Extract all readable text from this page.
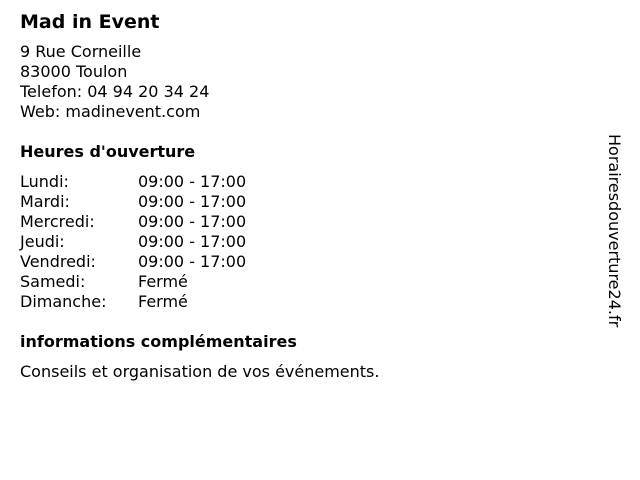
Mad in Event
9 Rue Corneille
83000 Toulon
Telefon: 04 94 20 34 24
Web: madinevent.com
Heures d'ouverture
Lundi:	09:00 - 17:00
Mardi:	09:00 - 17:00
Mercredi:	09:00 - 17:00
Jeudi:	09:00 - 17:00
Vendredi:	09:00 - 17:00
Samedi:	Fermé
Dimanche:	Fermé
informations complémentaires
Conseils et organisation de vos événements.
Horairesdouverture24.fr
